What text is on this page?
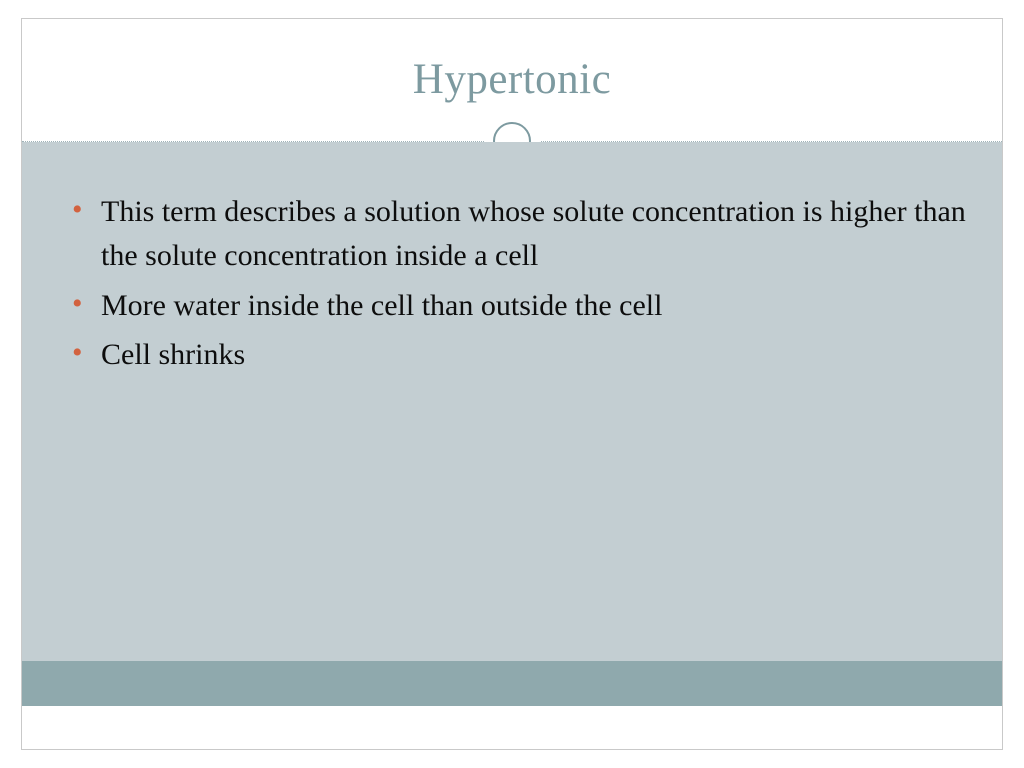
Hypertonic
• This term describes a solution whose solute concentration is higher than the solute concentration inside a cell
• More water inside the cell than outside the cell
• Cell shrinks
